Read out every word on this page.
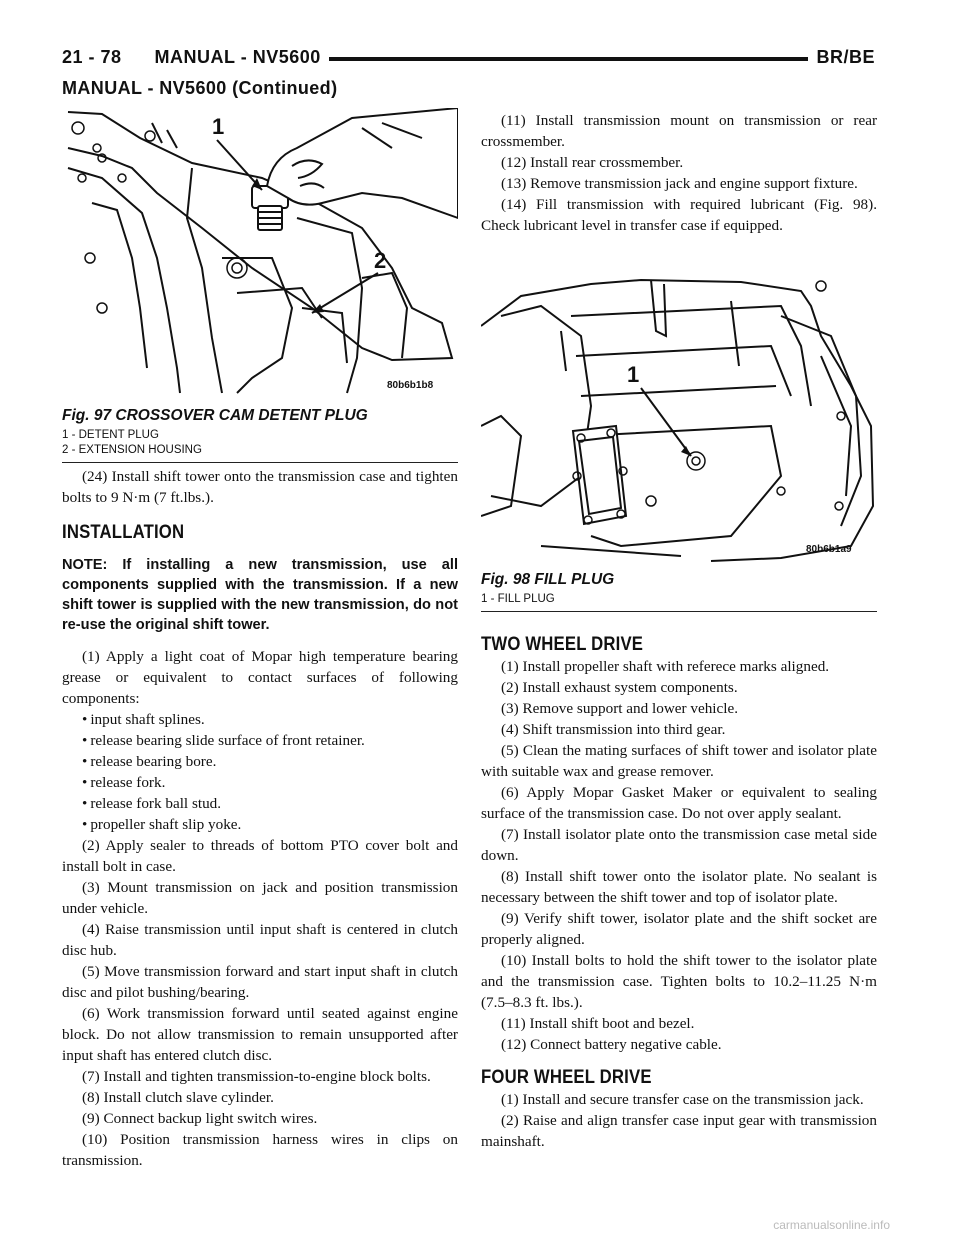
21 - 78      MANUAL - NV5600	BR/BE
MANUAL - NV5600 (Continued)
1
2
80b6b1b8
Fig. 97 CROSSOVER CAM DETENT PLUG
1 - DETENT PLUG
2 - EXTENSION HOUSING

(24) Install shift tower onto the transmission case and tighten bolts to 9 N·m (7 ft.lbs.).

INSTALLATION

NOTE: If installing a new transmission, use all components supplied with the transmission. If a new shift tower is supplied with the new transmission, do not re-use the original shift tower.

(1) Apply a light coat of Mopar high temperature bearing grease or equivalent to contact surfaces of following components:

• input shaft splines.
• release bearing slide surface of front retainer.
• release bearing bore.
• release fork.
• release fork ball stud.
• propeller shaft slip yoke.

(2) Apply sealer to threads of bottom PTO cover bolt and install bolt in case.

(3) Mount transmission on jack and position transmission under vehicle.

(4) Raise transmission until input shaft is centered in clutch disc hub.

(5) Move transmission forward and start input shaft in clutch disc and pilot bushing/bearing.

(6) Work transmission forward until seated against engine block. Do not allow transmission to remain unsupported after input shaft has entered clutch disc.

(7) Install and tighten transmission-to-engine block bolts.

(8) Install clutch slave cylinder.

(9) Connect backup light switch wires.

(10) Position transmission harness wires in clips on transmission.

(11) Install transmission mount on transmission or rear crossmember.

(12) Install rear crossmember.

(13) Remove transmission jack and engine support fixture.

(14) Fill transmission with required lubricant (Fig. 98). Check lubricant level in transfer case if equipped.

1
80b6b1a9
Fig. 98 FILL PLUG
1 - FILL PLUG
TWO WHEEL DRIVE

(1) Install propeller shaft with referece marks aligned.

(2) Install exhaust system components.

(3) Remove support and lower vehicle.

(4) Shift transmission into third gear.

(5) Clean the mating surfaces of shift tower and isolator plate with suitable wax and grease remover.

(6) Apply Mopar Gasket Maker or equivalent to sealing surface of the transmission case. Do not over apply sealant.

(7) Install isolator plate onto the transmission case metal side down.

(8) Install shift tower onto the isolator plate. No sealant is necessary between the shift tower and top of isolator plate.

(9) Verify shift tower, isolator plate and the shift socket are properly aligned.

(10) Install bolts to hold the shift tower to the isolator plate and the transmission case. Tighten bolts to 10.2–11.25 N·m (7.5–8.3 ft. lbs.).

(11) Install shift boot and bezel.

(12) Connect battery negative cable.

FOUR WHEEL DRIVE

(1) Install and secure transfer case on the transmission jack.

(2) Raise and align transfer case input gear with transmission mainshaft.

carmanualsonline.info
